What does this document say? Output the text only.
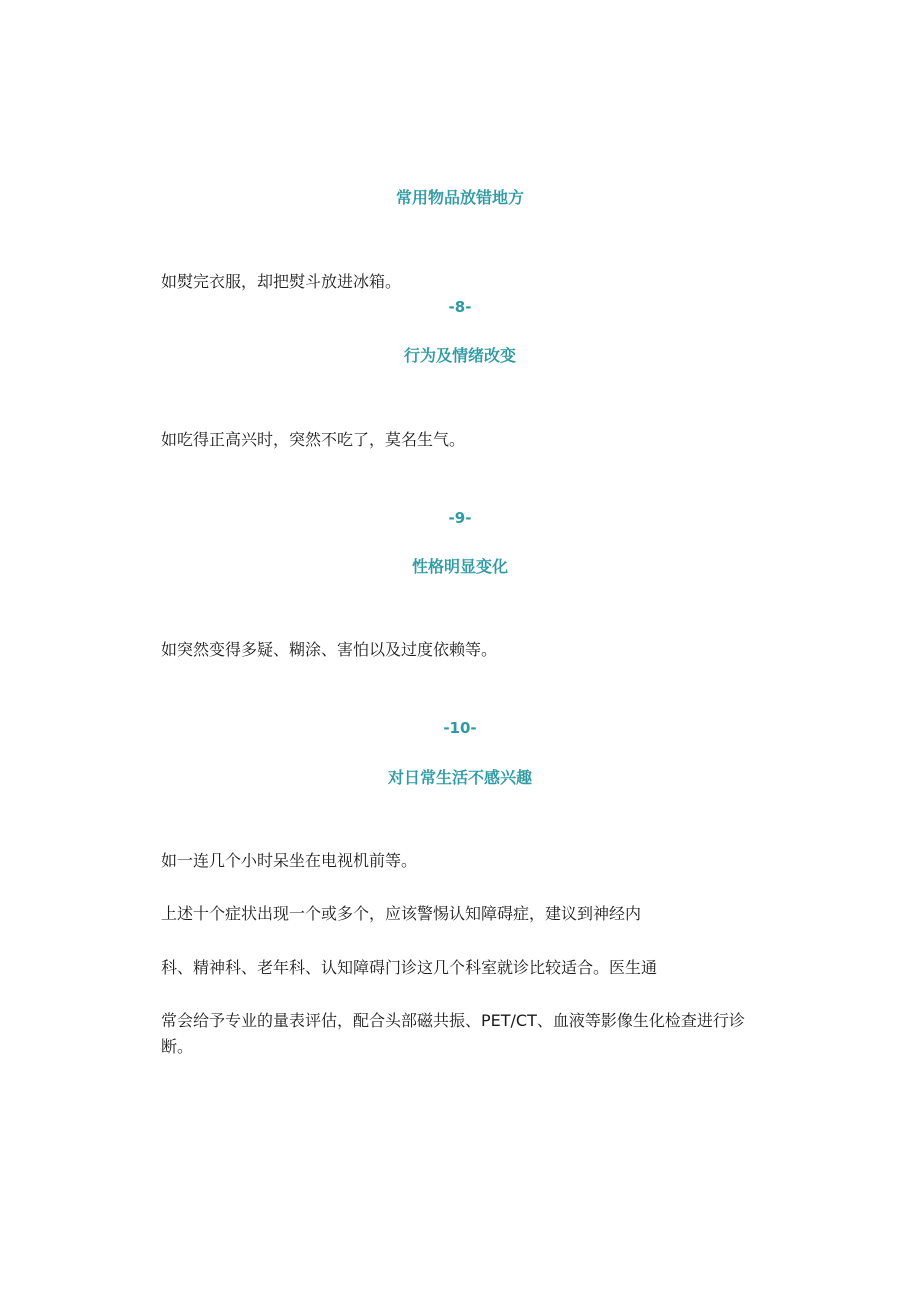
常用物品放错地方
如熨完衣服，却把熨斗放进冰箱。
-8-
行为及情绪改变
如吃得正高兴时，突然不吃了，莫名生气。
-9-
性格明显变化
如突然变得多疑、糊涂、害怕以及过度依赖等。
-10-
对日常生活不感兴趣
如一连几个小时呆坐在电视机前等。
上述十个症状出现一个或多个，应该警惕认知障碍症，建议到神经内
科、精神科、老年科、认知障碍门诊这几个科室就诊比较适合。医生通
常会给予专业的量表评估，配合头部磁共振、PET/CT、血液等影像生化检查进行诊断。
